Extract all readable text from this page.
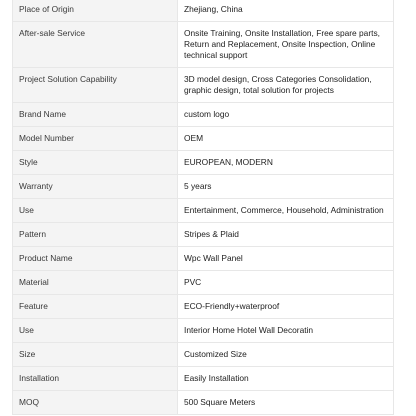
Place of Origin	Zhejiang, China
After-sale Service	Onsite Training, Onsite Installation, Free spare parts, Return and Replacement, Onsite Inspection, Online technical support
Project Solution Capability	3D model design, Cross Categories Consolidation, graphic design, total solution for projects
Brand Name	custom logo
Model Number	OEM
Style	EUROPEAN, MODERN
Warranty	5 years
Use	Entertainment, Commerce, Household, Administration
Pattern	Stripes & Plaid
Product Name	Wpc Wall Panel
Material	PVC
Feature	ECO-Friendly+waterproof
Use	Interior Home Hotel Wall Decoratin
Size	Customized Size
Installation	Easily Installation
MOQ	500 Square Meters
